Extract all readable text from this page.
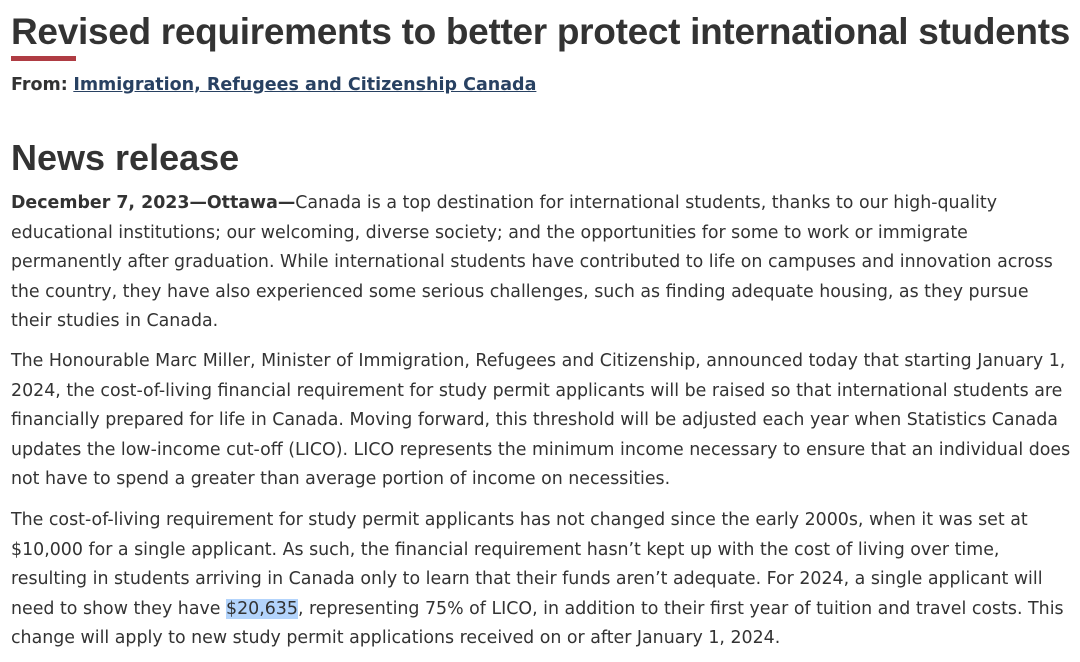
Revised requirements to better protect international students
From: Immigration, Refugees and Citizenship Canada
News release

December 7, 2023—Ottawa—Canada is a top destination for international students, thanks to our high-quality educational institutions; our welcoming, diverse society; and the opportunities for some to work or immigrate permanently after graduation. While international students have contributed to life on campuses and innovation across the country, they have also experienced some serious challenges, such as finding adequate housing, as they pursue their studies in Canada.

The Honourable Marc Miller, Minister of Immigration, Refugees and Citizenship, announced today that starting January 1, 2024, the cost-of-living financial requirement for study permit applicants will be raised so that international students are financially prepared for life in Canada. Moving forward, this threshold will be adjusted each year when Statistics Canada updates the low-income cut-off (LICO). LICO represents the minimum income necessary to ensure that an individual does not have to spend a greater than average portion of income on necessities.

The cost-of-living requirement for study permit applicants has not changed since the early 2000s, when it was set at $10,000 for a single applicant. As such, the financial requirement hasn’t kept up with the cost of living over time, resulting in students arriving in Canada only to learn that their funds aren’t adequate. For 2024, a single applicant will need to show they have $20,635, representing 75% of LICO, in addition to their first year of tuition and travel costs. This change will apply to new study permit applications received on or after January 1, 2024.
